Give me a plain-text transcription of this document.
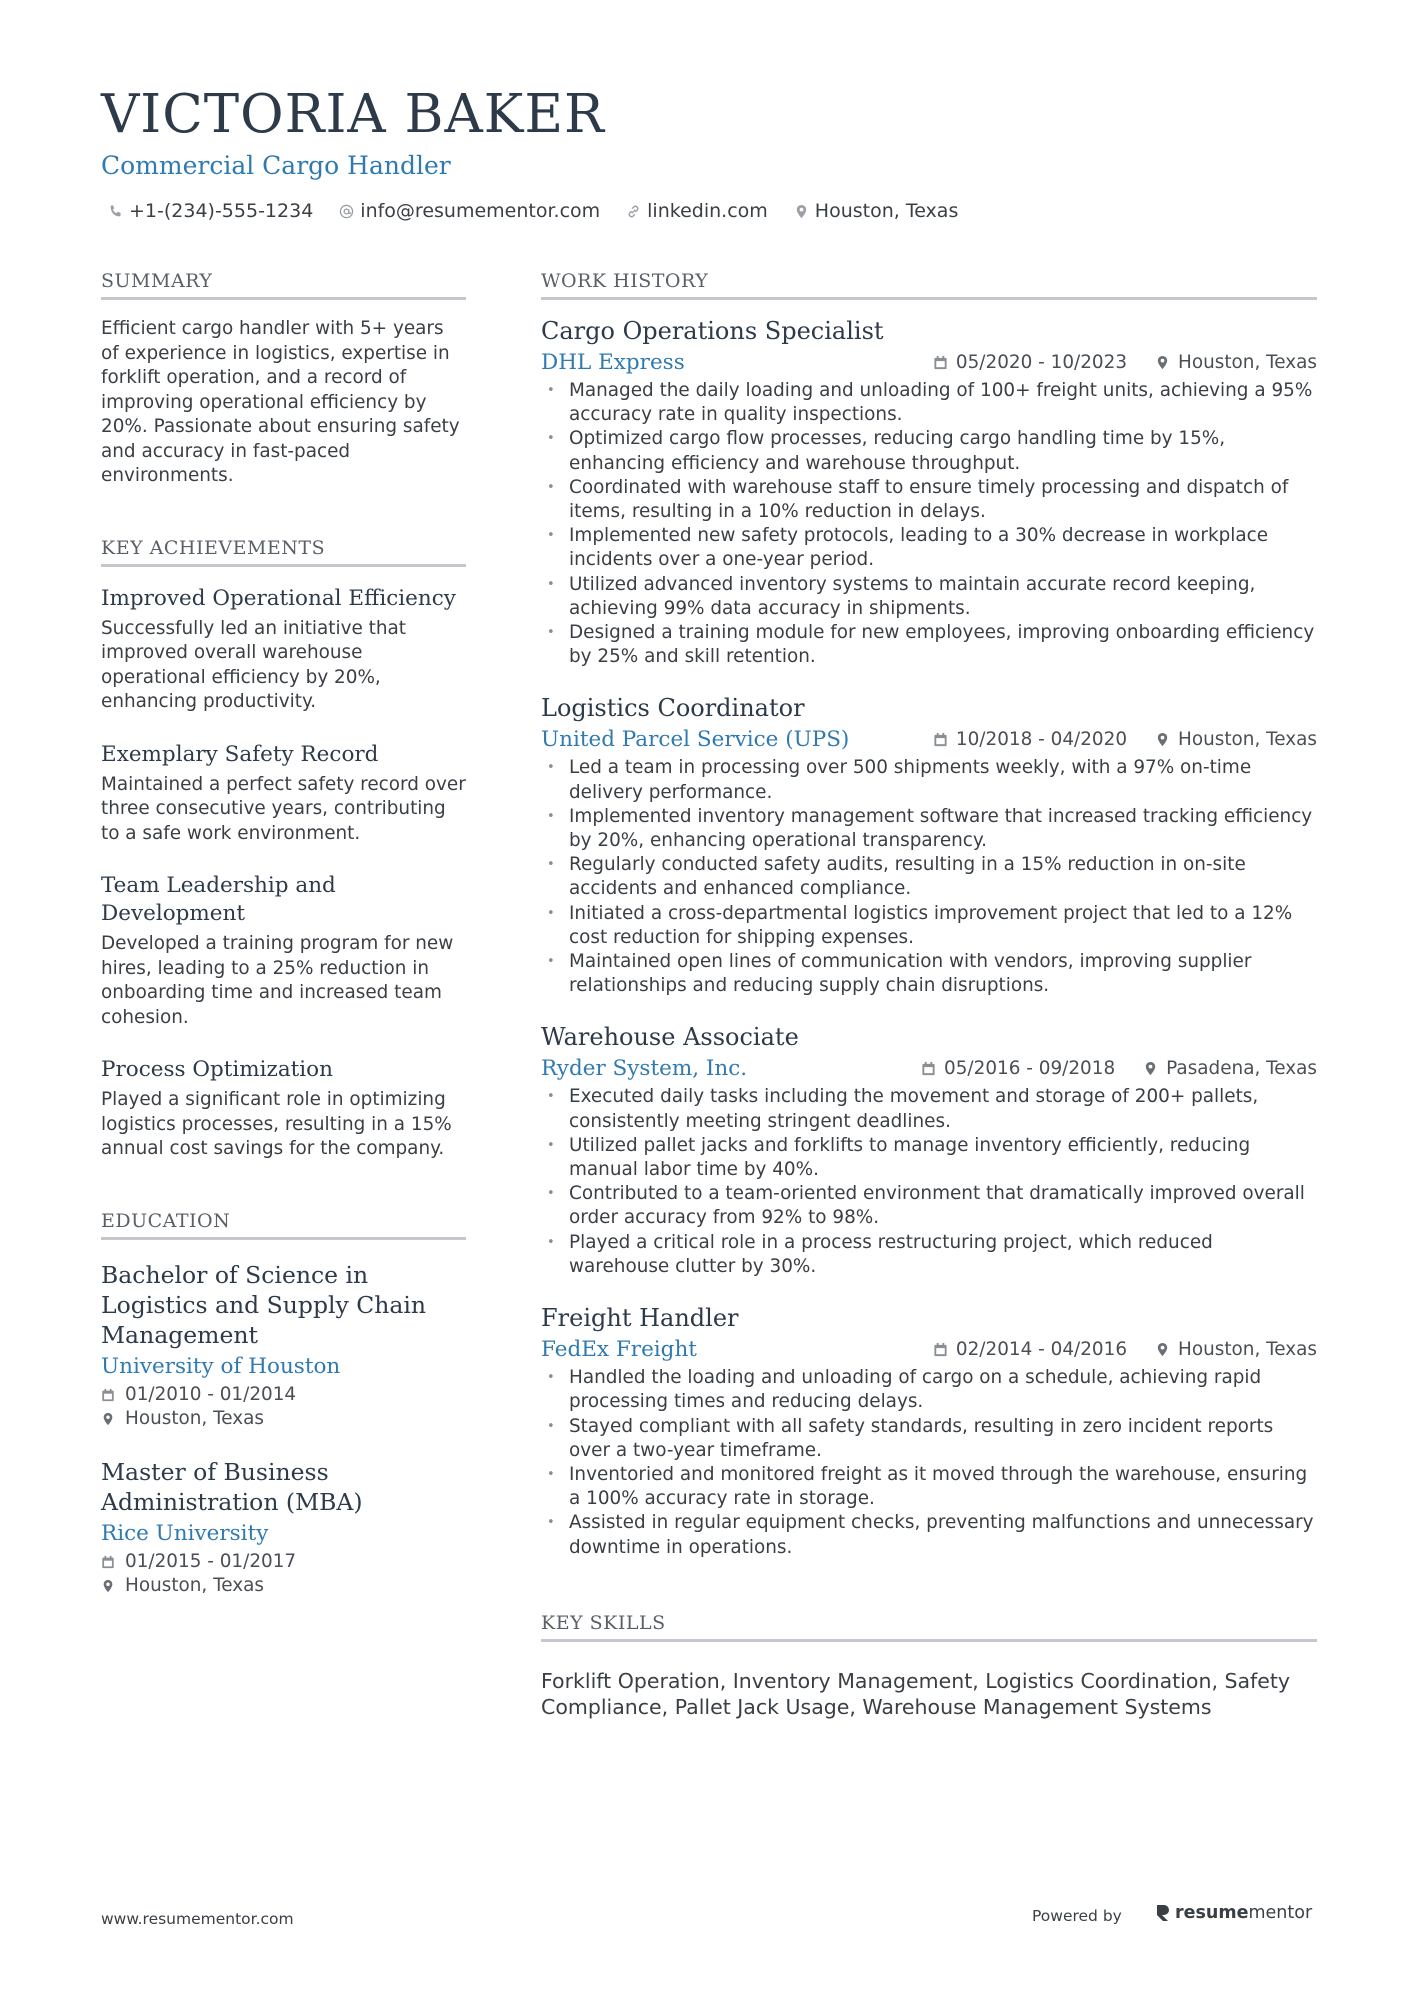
VICTORIA BAKER
Commercial Cargo Handler
+1-(234)-555-1234 info@resumementor.com linkedin.com Houston, Texas
SUMMARY

Efficient cargo handler with 5+ years of experience in logistics, expertise in forklift operation, and a record of improving operational efficiency by 20%. Passionate about ensuring safety and accuracy in fast-paced environments.

KEY ACHIEVEMENTS
Improved Operational Efficiency

Successfully led an initiative that improved overall warehouse operational efficiency by 20%, enhancing productivity.

Exemplary Safety Record

Maintained a perfect safety record over three consecutive years, contributing to a safe work environment.

Team Leadership and Development

Developed a training program for new hires, leading to a 25% reduction in onboarding time and increased team cohesion.

Process Optimization

Played a significant role in optimizing logistics processes, resulting in a 15% annual cost savings for the company.

EDUCATION
Bachelor of Science in Logistics and Supply Chain Management
University of Houston
01/2010 - 01/2014
Houston, Texas
Master of Business Administration (MBA)
Rice University
01/2015 - 01/2017
Houston, Texas
WORK HISTORY
Cargo Operations Specialist
DHL Express	05/2020 - 10/2023	Houston, Texas
• Managed the daily loading and unloading of 100+ freight units, achieving a 95% accuracy rate in quality inspections.
• Optimized cargo flow processes, reducing cargo handling time by 15%, enhancing efficiency and warehouse throughput.
• Coordinated with warehouse staff to ensure timely processing and dispatch of items, resulting in a 10% reduction in delays.
• Implemented new safety protocols, leading to a 30% decrease in workplace incidents over a one-year period.
• Utilized advanced inventory systems to maintain accurate record keeping, achieving 99% data accuracy in shipments.
• Designed a training module for new employees, improving onboarding efficiency by 25% and skill retention.
Logistics Coordinator
United Parcel Service (UPS)	10/2018 - 04/2020	Houston, Texas
• Led a team in processing over 500 shipments weekly, with a 97% on-time delivery performance.
• Implemented inventory management software that increased tracking efficiency by 20%, enhancing operational transparency.
• Regularly conducted safety audits, resulting in a 15% reduction in on-site accidents and enhanced compliance.
• Initiated a cross-departmental logistics improvement project that led to a 12% cost reduction for shipping expenses.
• Maintained open lines of communication with vendors, improving supplier relationships and reducing supply chain disruptions.
Warehouse Associate
Ryder System, Inc.	05/2016 - 09/2018	Pasadena, Texas
• Executed daily tasks including the movement and storage of 200+ pallets, consistently meeting stringent deadlines.
• Utilized pallet jacks and forklifts to manage inventory efficiently, reducing manual labor time by 40%.
• Contributed to a team-oriented environment that dramatically improved overall order accuracy from 92% to 98%.
• Played a critical role in a process restructuring project, which reduced warehouse clutter by 30%.
Freight Handler
FedEx Freight	02/2014 - 04/2016	Houston, Texas
• Handled the loading and unloading of cargo on a schedule, achieving rapid processing times and reducing delays.
• Stayed compliant with all safety standards, resulting in zero incident reports over a two-year timeframe.
• Inventoried and monitored freight as it moved through the warehouse, ensuring a 100% accuracy rate in storage.
• Assisted in regular equipment checks, preventing malfunctions and unnecessary downtime in operations.
KEY SKILLS

Forklift Operation, Inventory Management, Logistics Coordination, Safety Compliance, Pallet Jack Usage, Warehouse Management Systems

www.resumementor.com	Powered by	resume mentor
